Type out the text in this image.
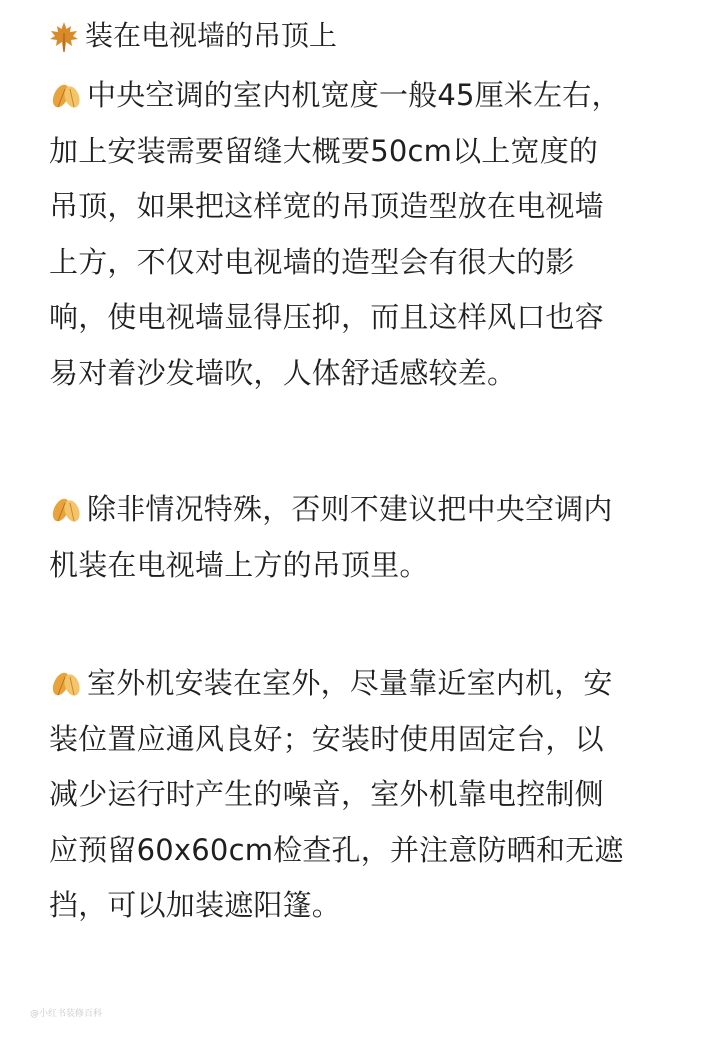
装在电视墙的吊顶上
中央空调的室内机宽度一般45厘米左右，
加上安装需要留缝大概要50cm以上宽度的
吊顶，如果把这样宽的吊顶造型放在电视墙
上方，不仅对电视墙的造型会有很大的影
响，使电视墙显得压抑，而且这样风口也容
易对着沙发墙吹，人体舒适感较差。
除非情况特殊，否则不建议把中央空调内
机装在电视墙上方的吊顶里。
室外机安装在室外，尽量靠近室内机，安
装位置应通风良好；安装时使用固定台，以
减少运行时产生的噪音，室外机靠电控制侧
应预留60x60cm检查孔，并注意防晒和无遮
挡，可以加装遮阳篷。
@小红书装修百科
